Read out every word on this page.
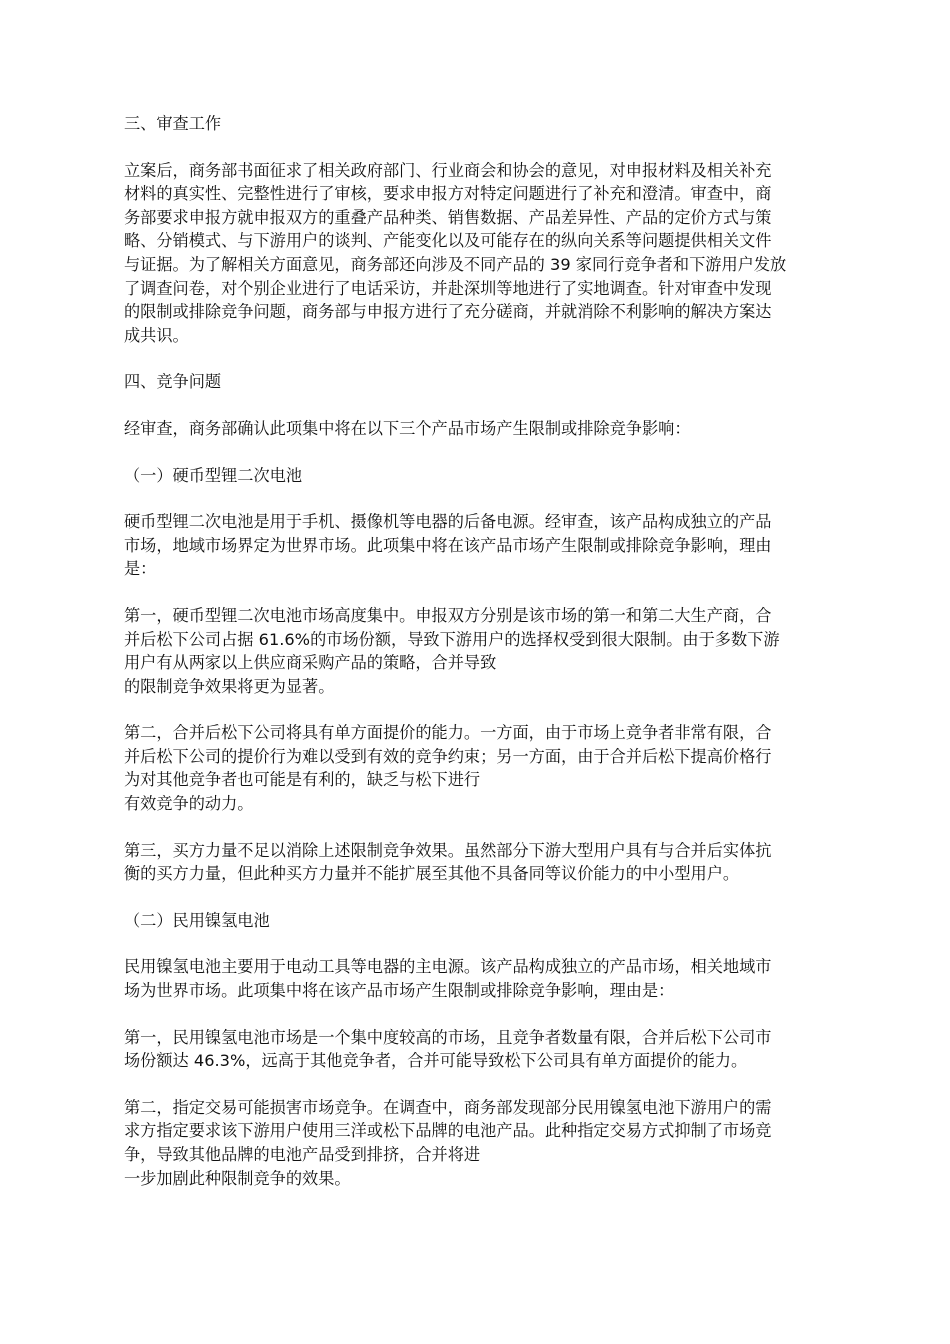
三、审查工作

立案后，商务部书面征求了相关政府部门、行业商会和协会的意见，对申报材料及相关补充
材料的真实性、完整性进行了审核，要求申报方对特定问题进行了补充和澄清。审查中，商
务部要求申报方就申报双方的重叠产品种类、销售数据、产品差异性、产品的定价方式与策
略、分销模式、与下游用户的谈判、产能变化以及可能存在的纵向关系等问题提供相关文件
与证据。为了解相关方面意见，商务部还向涉及不同产品的 39 家同行竞争者和下游用户发放
了调查问卷，对个别企业进行了电话采访，并赴深圳等地进行了实地调查。针对审查中发现
的限制或排除竞争问题，商务部与申报方进行了充分磋商，并就消除不利影响的解决方案达
成共识。

四、竞争问题

经审查，商务部确认此项集中将在以下三个产品市场产生限制或排除竞争影响：

（一）硬币型锂二次电池

硬币型锂二次电池是用于手机、摄像机等电器的后备电源。经审查，该产品构成独立的产品
市场，地域市场界定为世界市场。此项集中将在该产品市场产生限制或排除竞争影响，理由
是：

第一，硬币型锂二次电池市场高度集中。申报双方分别是该市场的第一和第二大生产商，合
并后松下公司占据 61.6%的市场份额，导致下游用户的选择权受到很大限制。由于多数下游
用户有从两家以上供应商采购产品的策略，合并导致
的限制竞争效果将更为显著。

第二，合并后松下公司将具有单方面提价的能力。一方面，由于市场上竞争者非常有限，合
并后松下公司的提价行为难以受到有效的竞争约束；另一方面，由于合并后松下提高价格行
为对其他竞争者也可能是有利的，缺乏与松下进行
有效竞争的动力。

第三，买方力量不足以消除上述限制竞争效果。虽然部分下游大型用户具有与合并后实体抗
衡的买方力量，但此种买方力量并不能扩展至其他不具备同等议价能力的中小型用户。

（二）民用镍氢电池

民用镍氢电池主要用于电动工具等电器的主电源。该产品构成独立的产品市场，相关地域市
场为世界市场。此项集中将在该产品市场产生限制或排除竞争影响，理由是：

第一，民用镍氢电池市场是一个集中度较高的市场，且竞争者数量有限，合并后松下公司市
场份额达 46.3%，远高于其他竞争者，合并可能导致松下公司具有单方面提价的能力。

第二，指定交易可能损害市场竞争。在调查中，商务部发现部分民用镍氢电池下游用户的需
求方指定要求该下游用户使用三洋或松下品牌的电池产品。此种指定交易方式抑制了市场竞
争，导致其他品牌的电池产品受到排挤，合并将进
一步加剧此种限制竞争的效果。
